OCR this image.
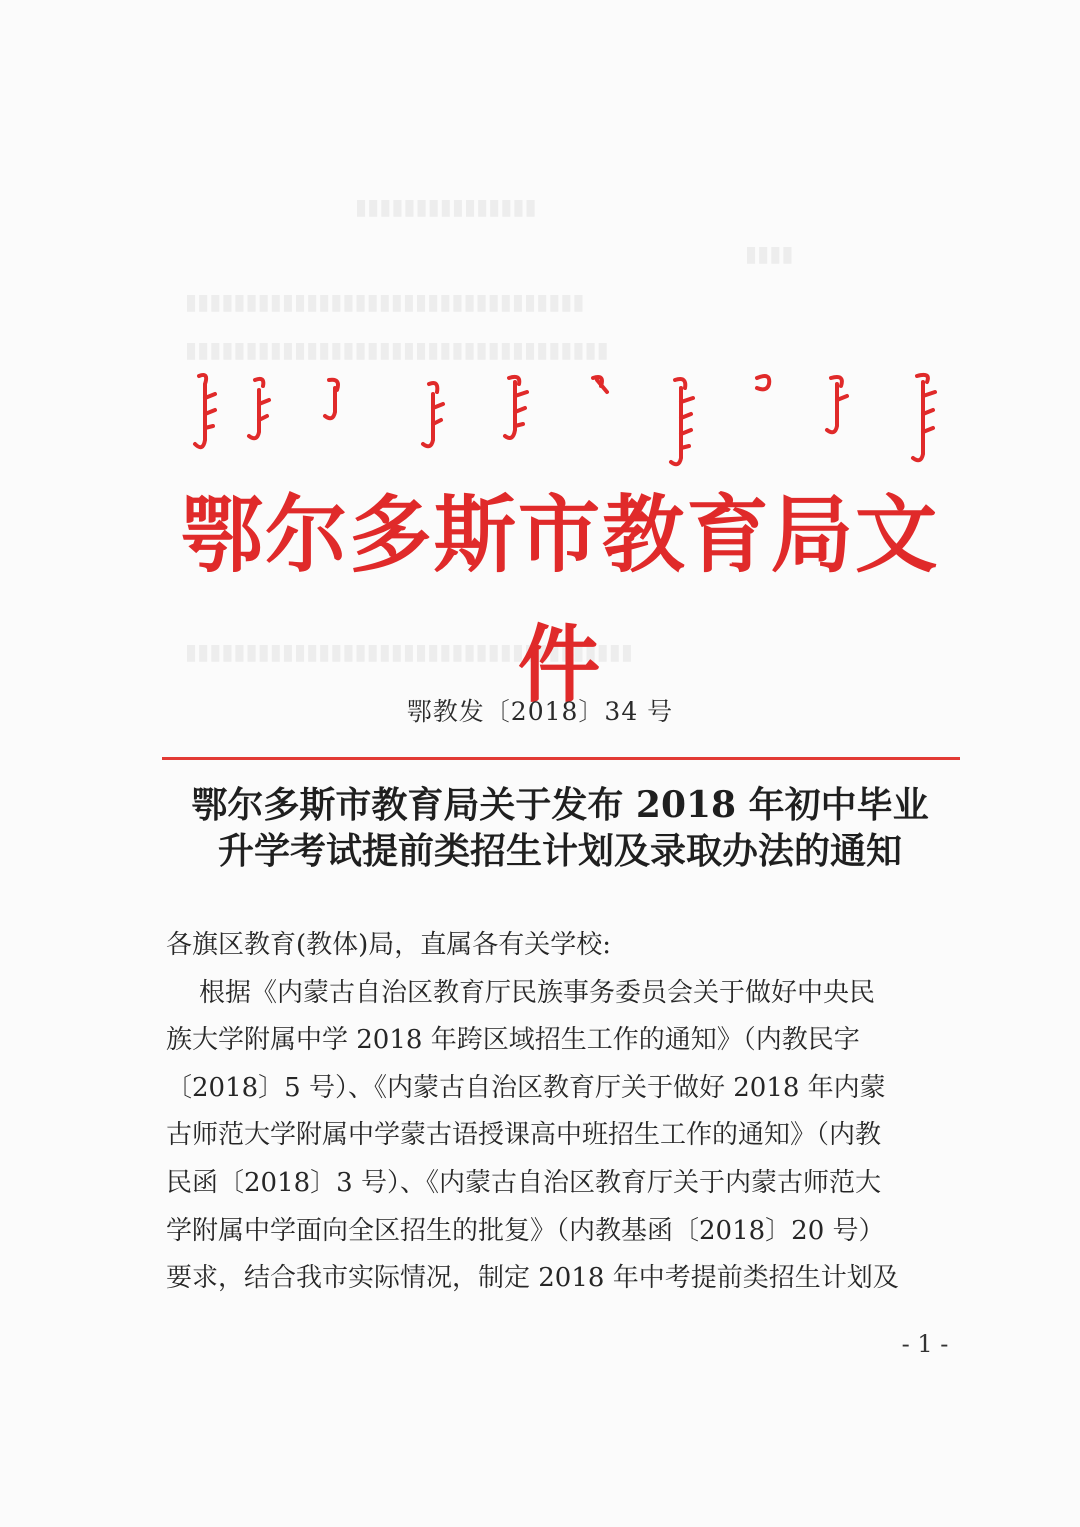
▮▮▮▮▮▮▮▮▮▮▮▮▮▮▮
▮▮▮▮
▮▮▮▮▮▮▮▮▮▮▮▮▮▮▮▮▮▮▮▮▮▮▮▮▮▮▮▮▮▮▮▮▮
▮▮▮▮▮▮▮▮▮▮▮▮▮▮▮▮▮▮▮▮▮▮▮▮▮▮▮▮▮▮▮▮▮▮▮
▮▮▮▮▮▮▮▮▮▮▮▮▮▮▮▮▮▮▮▮▮▮▮▮▮▮▮▮▮▮▮▮▮▮▮▮▮
鄂尔多斯市教育局文件
鄂教发〔2018〕34 号
鄂尔多斯市教育局关于发布 2018 年初中毕业
升学考试提前类招生计划及录取办法的通知
各旗区教育(教体)局，直属各有关学校:
根据《内蒙古自治区教育厅民族事务委员会关于做好中央民
族大学附属中学 2018 年跨区域招生工作的通知》（内教民字
〔2018〕5 号）、《内蒙古自治区教育厅关于做好 2018 年内蒙
古师范大学附属中学蒙古语授课高中班招生工作的通知》（内教
民函〔2018〕3 号）、《内蒙古自治区教育厅关于内蒙古师范大
学附属中学面向全区招生的批复》（内教基函〔2018〕20 号）
要求，结合我市实际情况，制定 2018 年中考提前类招生计划及
- 1 -
